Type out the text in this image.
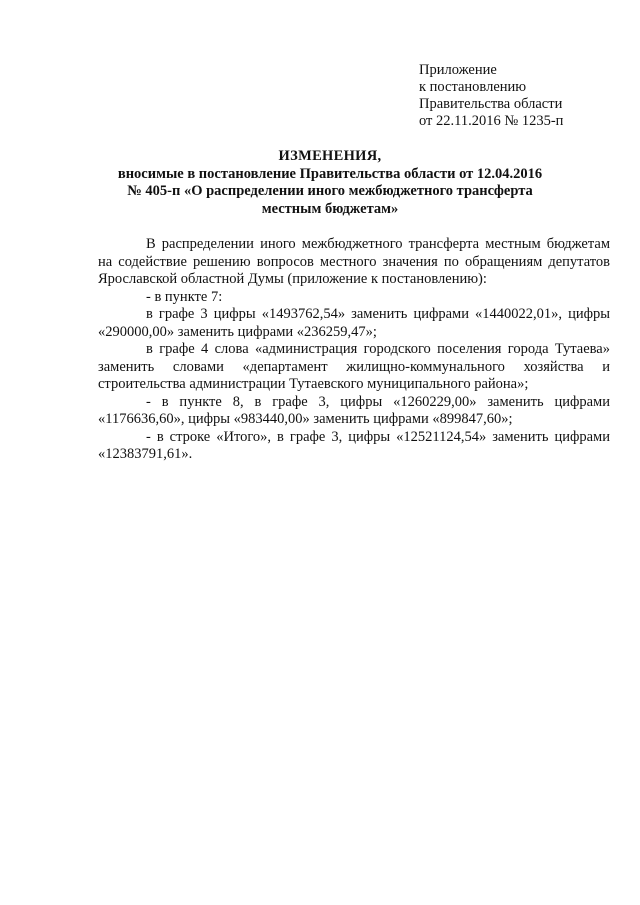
Приложение
к постановлению
Правительства области
от 22.11.2016 № 1235-п
ИЗМЕНЕНИЯ,
вносимые в постановление Правительства области от 12.04.2016
№ 405-п «О распределении иного межбюджетного трансферта
местным бюджетам»

В распределении иного межбюджетного трансферта местным бюджетам на содействие решению вопросов местного значения по обращениям депутатов Ярославской областной Думы (приложение к постановлению):

- в пункте 7:

в графе 3 цифры «1493762,54» заменить цифрами «1440022,01», цифры «290000,00» заменить цифрами «236259,47»;

в графе 4 слова «администрация городского поселения города Тутаева» заменить словами «департамент жилищно-коммунального хозяйства и строительства администрации Тутаевского муниципального района»;

- в пункте 8, в графе 3, цифры «1260229,00» заменить цифрами «1176636,60», цифры «983440,00» заменить цифрами «899847,60»;

- в строке «Итого», в графе 3, цифры «12521124,54» заменить цифрами «12383791,61».
